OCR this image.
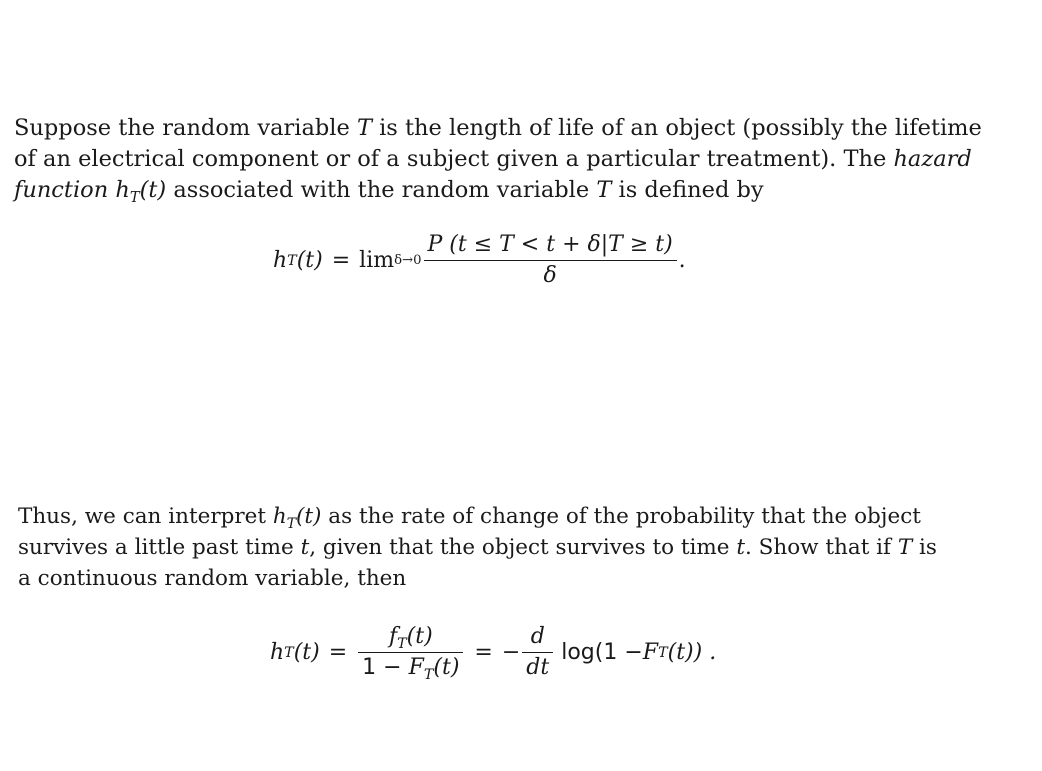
Suppose the random variable T is the length of life of an object (possibly the lifetime
of an electrical component or of a subject given a particular treatment). The hazard
function $h_T(t)$ associated with the random variable T is defined by
h T $(t) = \lim \delta\to 0 \frac{P (t \le T < t + \delta|T \ge t)}{\delta}$ .
Thus, we can interpret $h_T(t)$ as the rate of change of the probability that the object
survives a little past time t, given that the object survives to time t. Show that if T is
a continuous random variable, then
h T $(t) = \frac{f_T(t)}{1 - F_T(t)}$ = − $\frac{d}{dt}$ log (1 − F T (t)) .
